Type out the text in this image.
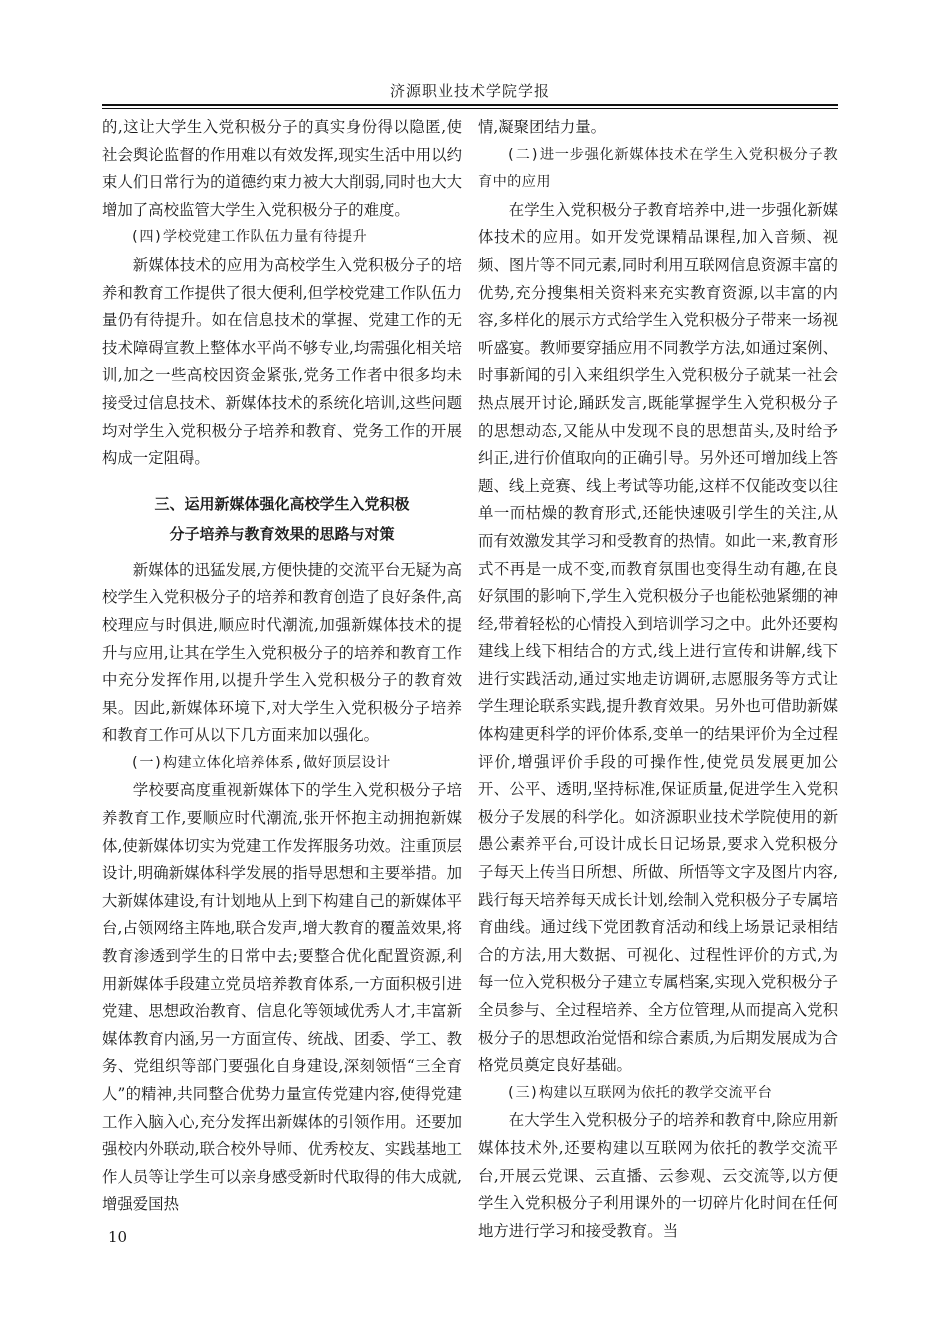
济源职业技术学院学报

的,这让大学生入党积极分子的真实身份得以隐匿,使社会舆论监督的作用难以有效发挥,现实生活中用以约束人们日常行为的道德约束力被大大削弱,同时也大大增加了高校监管大学生入党积极分子的难度。

(四)学校党建工作队伍力量有待提升

新媒体技术的应用为高校学生入党积极分子的培养和教育工作提供了很大便利,但学校党建工作队伍力量仍有待提升。如在信息技术的掌握、党建工作的无技术障碍宣教上整体水平尚不够专业,均需强化相关培训,加之一些高校因资金紧张,党务工作者中很多均未接受过信息技术、新媒体技术的系统化培训,这些问题均对学生入党积极分子培养和教育、党务工作的开展构成一定阻碍。

三、运用新媒体强化高校学生入党积极
分子培养与教育效果的思路与对策

新媒体的迅猛发展,方便快捷的交流平台无疑为高校学生入党积极分子的培养和教育创造了良好条件,高校理应与时俱进,顺应时代潮流,加强新媒体技术的提升与应用,让其在学生入党积极分子的培养和教育工作中充分发挥作用,以提升学生入党积极分子的教育效果。因此,新媒体环境下,对大学生入党积极分子培养和教育工作可从以下几方面来加以强化。

(一)构建立体化培养体系,做好顶层设计

学校要高度重视新媒体下的学生入党积极分子培养教育工作,要顺应时代潮流,张开怀抱主动拥抱新媒体,使新媒体切实为党建工作发挥服务功效。注重顶层设计,明确新媒体科学发展的指导思想和主要举措。加大新媒体建设,有计划地从上到下构建自己的新媒体平台,占领网络主阵地,联合发声,增大教育的覆盖效果,将教育渗透到学生的日常中去;要整合优化配置资源,利用新媒体手段建立党员培养教育体系,一方面积极引进党建、思想政治教育、信息化等领域优秀人才,丰富新媒体教育内涵,另一方面宣传、统战、团委、学工、教务、党组织等部门要强化自身建设,深刻领悟“三全育人”的精神,共同整合优势力量宣传党建内容,使得党建工作入脑入心,充分发挥出新媒体的引领作用。还要加强校内外联动,联合校外导师、优秀校友、实践基地工作人员等让学生可以亲身感受新时代取得的伟大成就,增强爱国热

情,凝聚团结力量。

(二)进一步强化新媒体技术在学生入党积极分子教育中的应用

在学生入党积极分子教育培养中,进一步强化新媒体技术的应用。如开发党课精品课程,加入音频、视频、图片等不同元素,同时利用互联网信息资源丰富的优势,充分搜集相关资料来充实教育资源,以丰富的内容,多样化的展示方式给学生入党积极分子带来一场视听盛宴。教师要穿插应用不同教学方法,如通过案例、时事新闻的引入来组织学生入党积极分子就某一社会热点展开讨论,踊跃发言,既能掌握学生入党积极分子的思想动态,又能从中发现不良的思想苗头,及时给予纠正,进行价值取向的正确引导。另外还可增加线上答题、线上竞赛、线上考试等功能,这样不仅能改变以往单一而枯燥的教育形式,还能快速吸引学生的关注,从而有效激发其学习和受教育的热情。如此一来,教育形式不再是一成不变,而教育氛围也变得生动有趣,在良好氛围的影响下,学生入党积极分子也能松弛紧绷的神经,带着轻松的心情投入到培训学习之中。此外还要构建线上线下相结合的方式,线上进行宣传和讲解,线下进行实践活动,通过实地走访调研,志愿服务等方式让学生理论联系实践,提升教育效果。另外也可借助新媒体构建更科学的评价体系,变单一的结果评价为全过程评价,增强评价手段的可操作性,使党员发展更加公开、公平、透明,坚持标准,保证质量,促进学生入党积极分子发展的科学化。如济源职业技术学院使用的新愚公素养平台,可设计成长日记场景,要求入党积极分子每天上传当日所想、所做、所悟等文字及图片内容,践行每天培养每天成长计划,绘制入党积极分子专属培育曲线。通过线下党团教育活动和线上场景记录相结合的方法,用大数据、可视化、过程性评价的方式,为每一位入党积极分子建立专属档案,实现入党积极分子全员参与、全过程培养、全方位管理,从而提高入党积极分子的思想政治觉悟和综合素质,为后期发展成为合格党员奠定良好基础。

(三)构建以互联网为依托的教学交流平台

在大学生入党积极分子的培养和教育中,除应用新媒体技术外,还要构建以互联网为依托的教学交流平台,开展云党课、云直播、云参观、云交流等,以方便学生入党积极分子利用课外的一切碎片化时间在任何地方进行学习和接受教育。当

10
